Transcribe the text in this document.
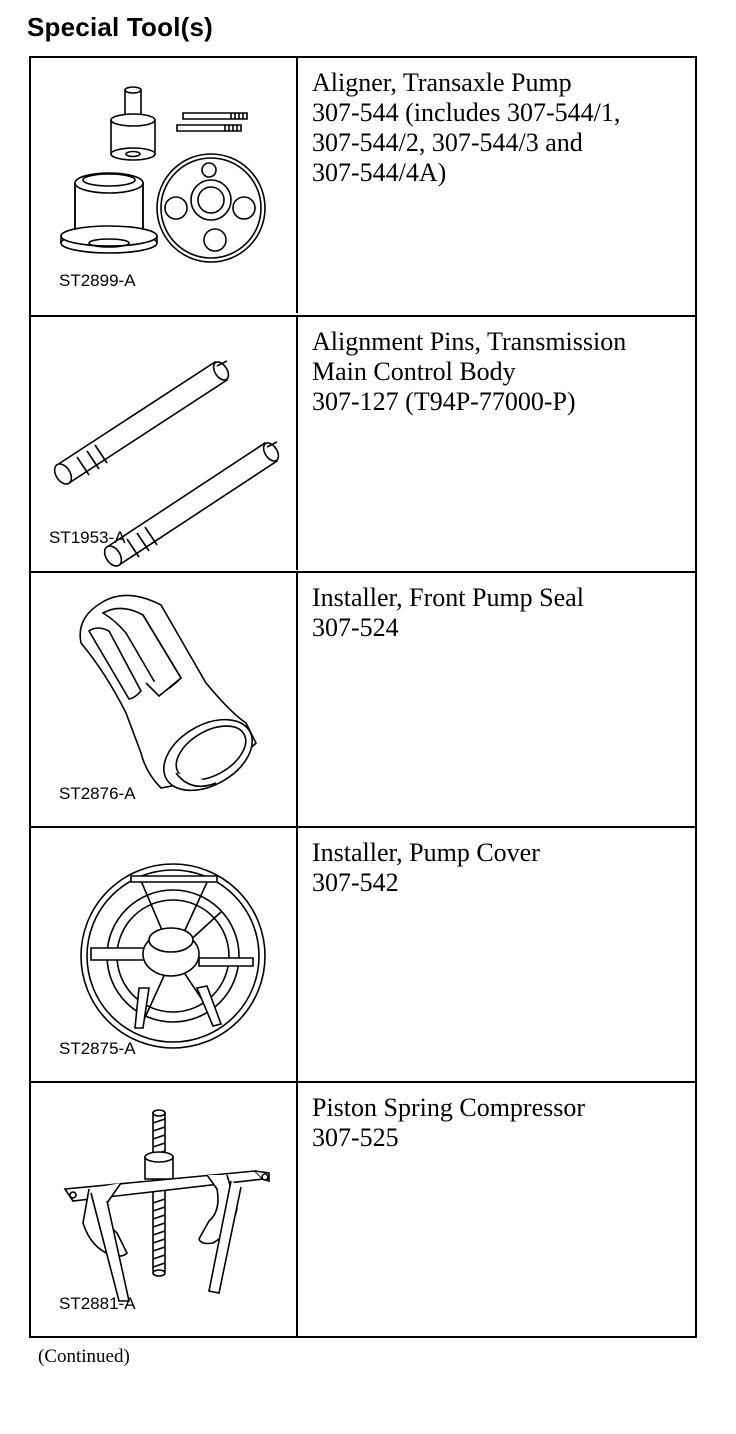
Special Tool(s)
ST2899-A
Aligner, Transaxle Pump
307-544 (includes 307-544/1,
307-544/2, 307-544/3 and
307-544/4A)
ST1953-A
Alignment Pins, Transmission
Main Control Body
307-127 (T94P-77000-P)
ST2876-A
Installer, Front Pump Seal
307-524
ST2875-A
Installer, Pump Cover
307-542
ST2881-A
Piston Spring Compressor
307-525
(Continued)
